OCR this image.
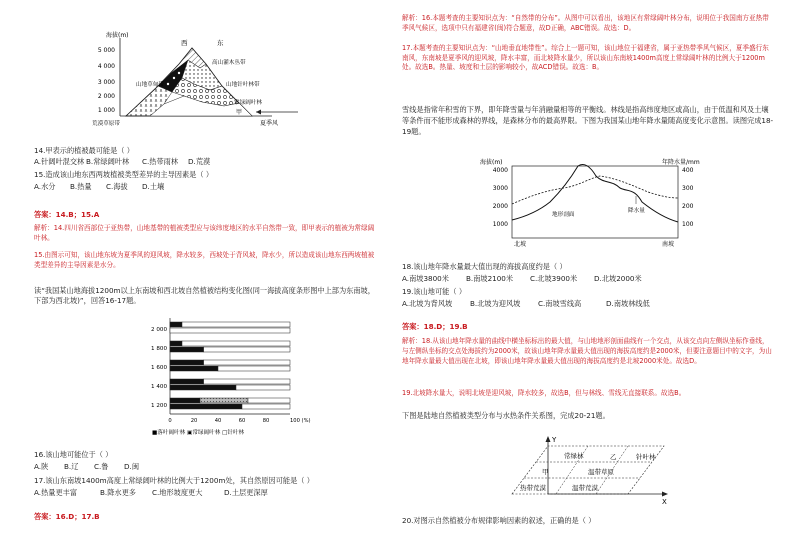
海拔(m)
西	东
5 000
4 000
3 000
2 000
1 000
山地草甸带
高山灌木丛带
山地针叶林带
常绿阔叶林
荒漠草原带
甲
夏季风
14.甲表示的植被最可能是（ ）
A.针阔叶混交林 B.常绿阔叶林 C.热带雨林 D.荒漠
15.造成该山地东西两坡植被类型差异的主导因素是（ ）
A.水分 B.热量 C.海拔 D.土壤
答案：14.B；15.A
解析：14.四川省西部位于亚热带，山地基带的植被类型应与该纬度地区的水平自然带一致，即甲表示的植被为常绿阔叶林。
15.由图示可知，该山地东坡为夏季风的迎风坡，降水较多，西坡处于背风坡，降水少，所以造成该山地东西两坡植被类型差异的主导因素是水分。
读“我国某山地海拔1200m以上东南坡和西北坡自然植被结构变化图(同一海拔高度条形图中上部为东南坡，下部为西北坡)”，回答16-17题。
2 000
1 800
1 600
1 400
1 200
0	20	40	60	80	100 (%)
■落叶阔叶林 ▣常绿阔叶林 □针叶林
16.该山地可能位于（ ）
A.陕 B.辽 C.鲁 D.闽
17.该山东南坡1400m高度上常绿阔叶林的比例大于1200m处，其自然原因可能是（ ）
A.热量更丰富	B.降水更多 C.地形坡度更大	D.土层更深厚
答案：16.D；17.B
解析：16.本题考查的主要知识点为：“自然带的分布”。从图中可以看出，该地区有常绿阔叶林分布，说明位于我国南方亚热带季风气候区，选项中只有福建省(闽)符合题意，故D正确，ABC错误。故选：D。
17.本题考查的主要知识点为：“山地垂直地带性”。综合上一题可知，该山地位于福建省，属于亚热带季风气候区，夏季盛行东南风，东南坡是夏季风的迎风坡，降水丰富，而北坡降水量少，所以该山东南坡1400m高度上常绿阔叶林的比例大于1200m处。故选B。热量、坡度和土层的影响较小，故ACD错误。故选：B。
雪线是指常年积雪的下界，即年降雪量与年消融量相等的平衡线。林线是指高纬度地区或高山，由于低温和风及土壤等条件而不能形成森林的界线，是森林分布的最高界限。下图为我国某山地年降水量随高度变化示意图。读图完成18-19题。
海拔(m)	年降水量/mm
4000
3000
2000
1000
400
300
200
100
地形剖面
降水量
北坡	南坡
18.该山地年降水量最大值出现的海拔高度约是（ ）
A.南坡3800米 B.南坡2100米 C.北坡3900米 D.北坡2000米
19.该山地可能（ ）
A.北坡为背风坡 B.北坡为迎风坡 C.南坡雪线高	D.南坡林线低
答案：18.D；19.B
解析：18.从该山地年降水量的曲线中横坐标标出的最大值，与山地地形剖面曲线有一个交点，从该交点向左侧纵坐标作垂线，与左侧纵坐标的交点处海拔约为2000米，故该山地年降水量最大值出现的海拔高度约是2000米，但要注意题目中的文字，为山地年降水量最大值出现在北坡，即该山地年降水量最大值出现的海拔高度约是北坡2000米处。故选D。
19.北坡降水量大，说明北坡是迎风坡，降水较多，故选B，但与林线、雪线无直接联系。故选B。
下图是陆地自然植被类型分布与水热条件关系图，完成20-21题。
Y
X
常绿林	乙	针叶林
甲	温带草原
热带荒漠	温带荒漠
20.对图示自然植被分布规律影响因素的叙述，正确的是（ ）
